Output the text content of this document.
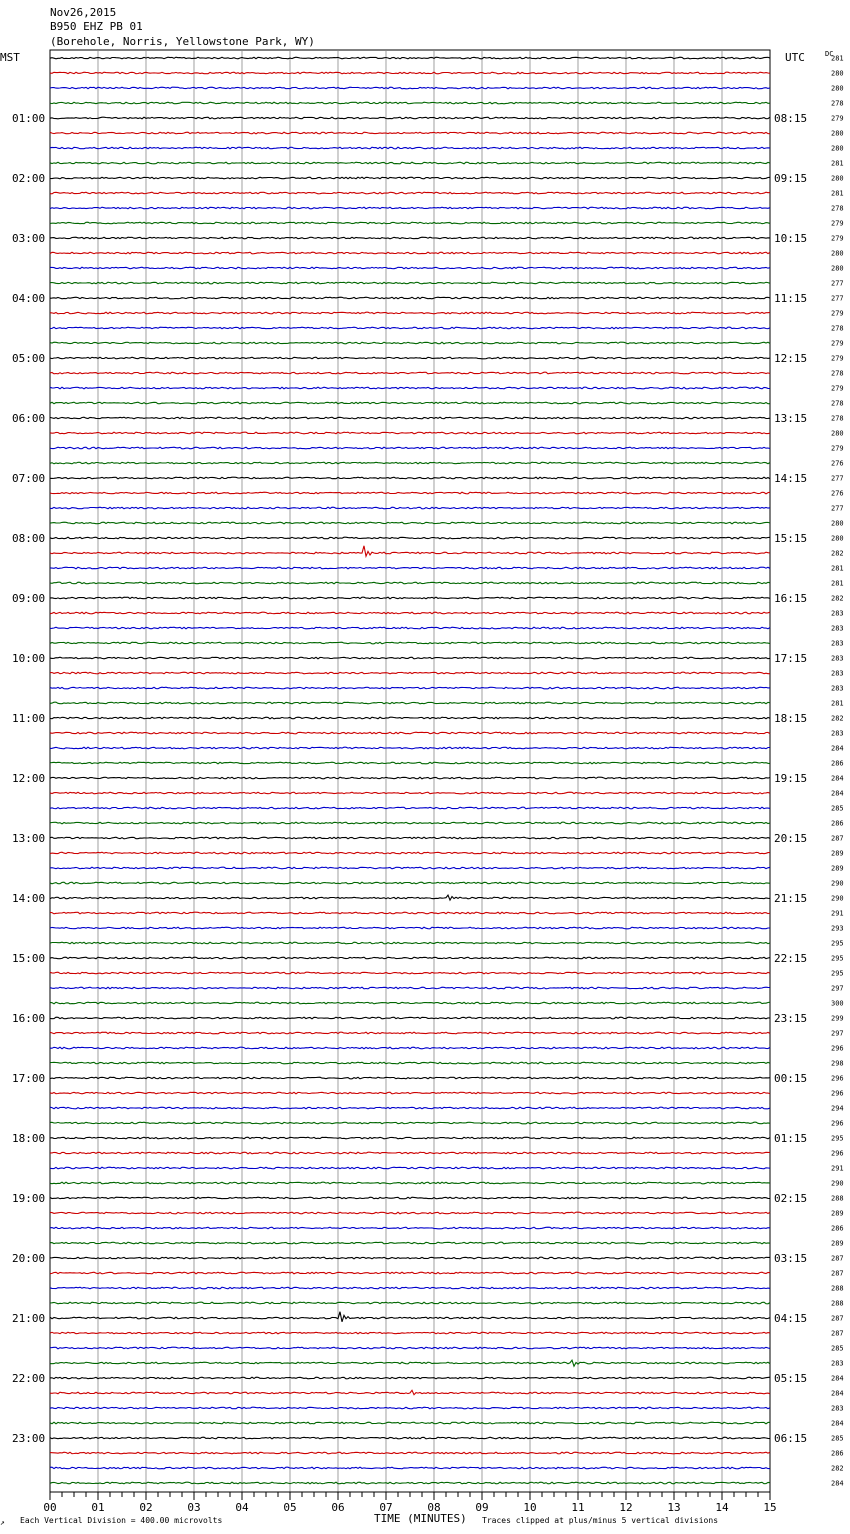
Nov26,2015
B950 EHZ PB 01
(Borehole, Norris, Yellowstone Park, WY)
MST	UTC	DC
01:00
02:00
03:00
04:00
05:00
06:00
07:00
08:00
09:00
10:00
11:00
12:00
13:00
14:00
15:00
16:00
17:00
18:00
19:00
20:00
21:00
22:00
23:00
08:15
09:15
10:15
11:15
12:15
13:15
14:15
15:15
16:15
17:15
18:15
19:15
20:15
21:15
22:15
23:15
00:15
01:15
02:15
03:15
04:15
05:15
06:15
281
280
280
278
279
280
280
281
280
281
278
279
279
280
280
277
277
279
278
279
279
278
279
278
278
280
279
276
277
276
277
280
280
282
281
281
282
283
283
283
283
283
283
281
282
283
284
286
284
284
285
286
287
289
289
290
290
291
293
295
295
295
297
300
299
297
296
298
296
296
294
296
295
296
291
290
288
289
286
289
287
287
288
288
287
287
285
283
284
284
283
284
285
286
282
284
00	01	02	03	04	05	06	07	08	09	10	11	12	13	14	15
↗ Each Vertical Division = 400.00 microvolts	TIME (MINUTES) Traces clipped at plus/minus 5 vertical divisions
